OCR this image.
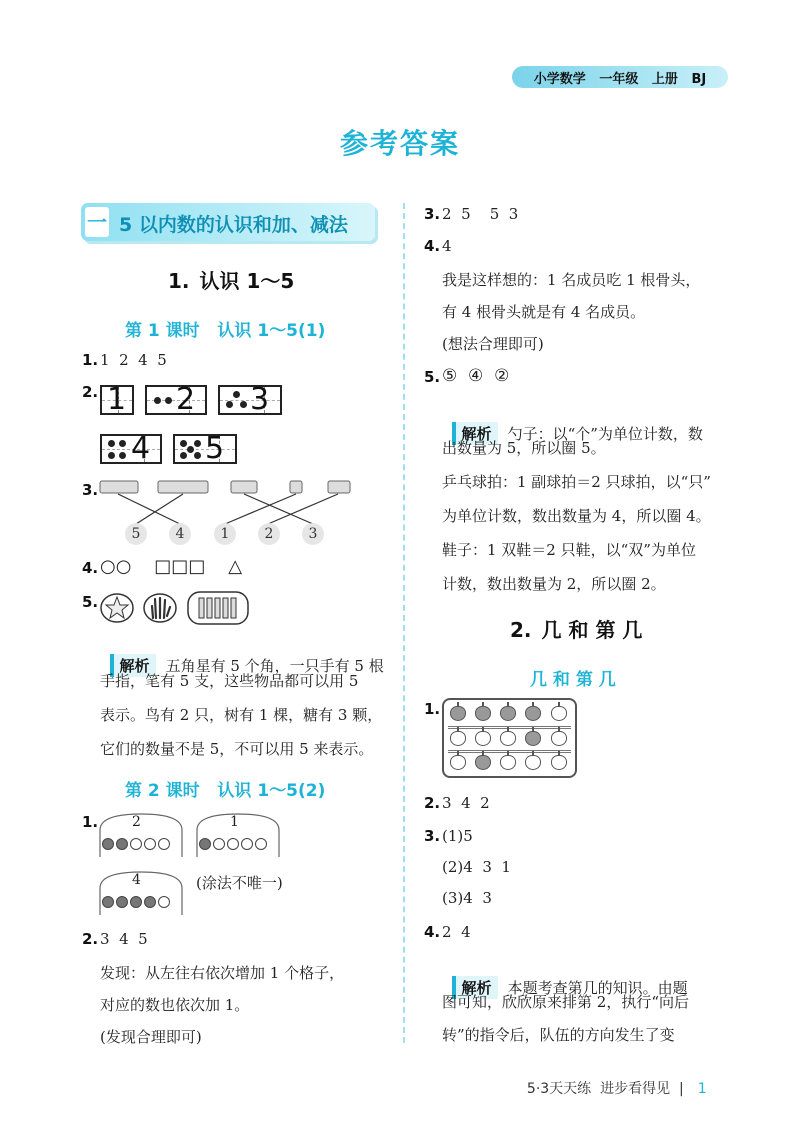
小学数学   一年级   上册   BJ
参考答案
一 5 以内数的认识和加、减法
1. 认识 1～5
第 1 课时   认识 1～5(1)
1. 1  2  4  5
2. 1 2 3
4 5
3.
5	4	1	2	3
4. ○○    □□□    △
5.

解析 五角星有 5 个角，一只手有 5 根

手指，笔有 5 支，这些物品都可以用 5
表示。鸟有 2 只，树有 1 棵，糖有 3 颗，
它们的数量不是 5，不可以用 5 来表示。
第 2 课时   认识 1～5(2)
1. 2	1
4	(涂法不唯一)
2. 3  4  5
发现：从左往右依次增加 1 个格子，
对应的数也依次加 1。
(发现合理即可)
3. 2  5    5  3
4. 4
我是这样想的：1 名成员吃 1 根骨头，
有 4 根骨头就是有 4 名成员。
(想法合理即可)
5. ⑤  ④  ②

解析 勺子：以“个”为单位计数，数

出数量为 5，所以圈 5。
乒乓球拍：1 副球拍＝2 只球拍，以“只”
为单位计数，数出数量为 4，所以圈 4。
鞋子：1 双鞋＝2 只鞋，以“双”为单位
计数，数出数量为 2，所以圈 2。
2. 几 和 第 几
几 和 第 几
1.
2. 3  4  2
3. (1)5
(2)4  3  1
(3)4  3
4. 2  4

解析 本题考查第几的知识。由题

图可知，欣欣原来排第 2，执行“向后
转”的指令后，队伍的方向发生了变

5·3天天练  进步看得见  | 1
